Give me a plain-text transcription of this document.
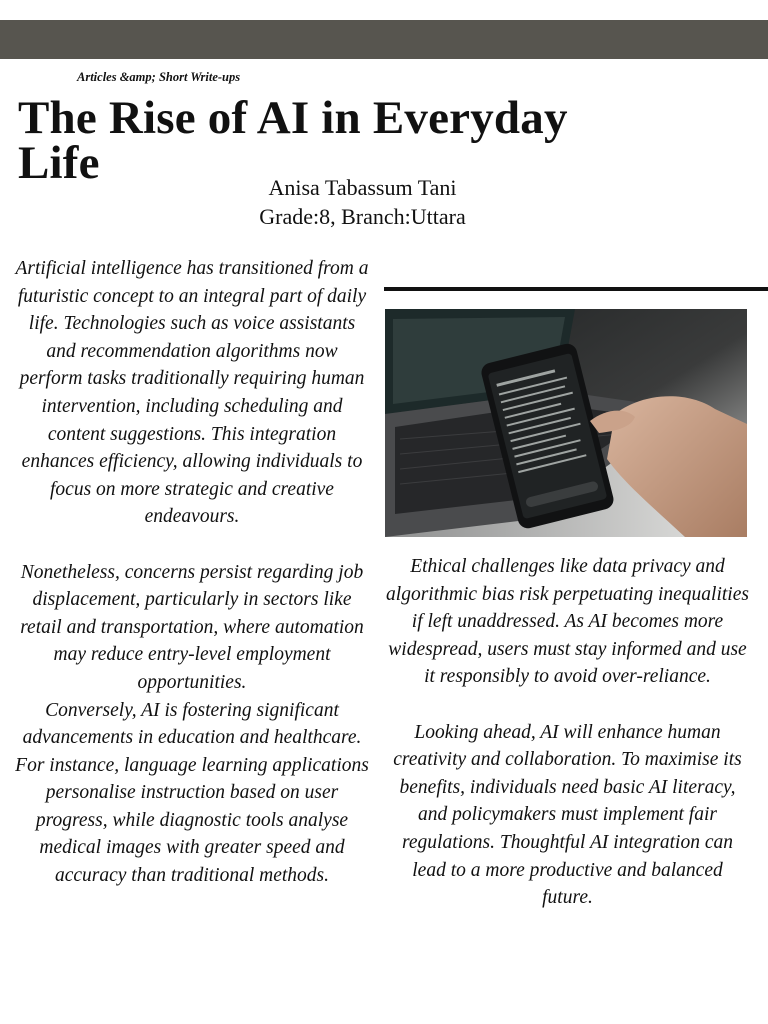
Articles &amp; Short Write-ups
The Rise of AI in Everyday Life	Anisa Tabassum Tani
Grade:8, Branch:Uttara

Artificial intelligence has transitioned from a futuristic concept to an integral part of daily life. Technologies such as voice assistants and recommendation algorithms now perform tasks traditionally requiring human intervention, including scheduling and content suggestions. This integration enhances efficiency, allowing individuals to focus on more strategic and creative endeavours.

Nonetheless, concerns persist regarding job displacement, particularly in sectors like retail and transportation, where automation may reduce entry-level employment opportunities.

Conversely, AI is fostering significant advancements in education and healthcare. For instance, language learning applications personalise instruction based on user progress, while diagnostic tools analyse medical images with greater speed and accuracy than traditional methods.

Ethical challenges like data privacy and algorithmic bias risk perpetuating inequalities if left unaddressed. As AI becomes more widespread, users must stay informed and use it responsibly to avoid over-reliance.

Looking ahead, AI will enhance human creativity and collaboration. To maximise its benefits, individuals need basic AI literacy, and policymakers must implement fair regulations. Thoughtful AI integration can lead to a more productive and balanced future.
